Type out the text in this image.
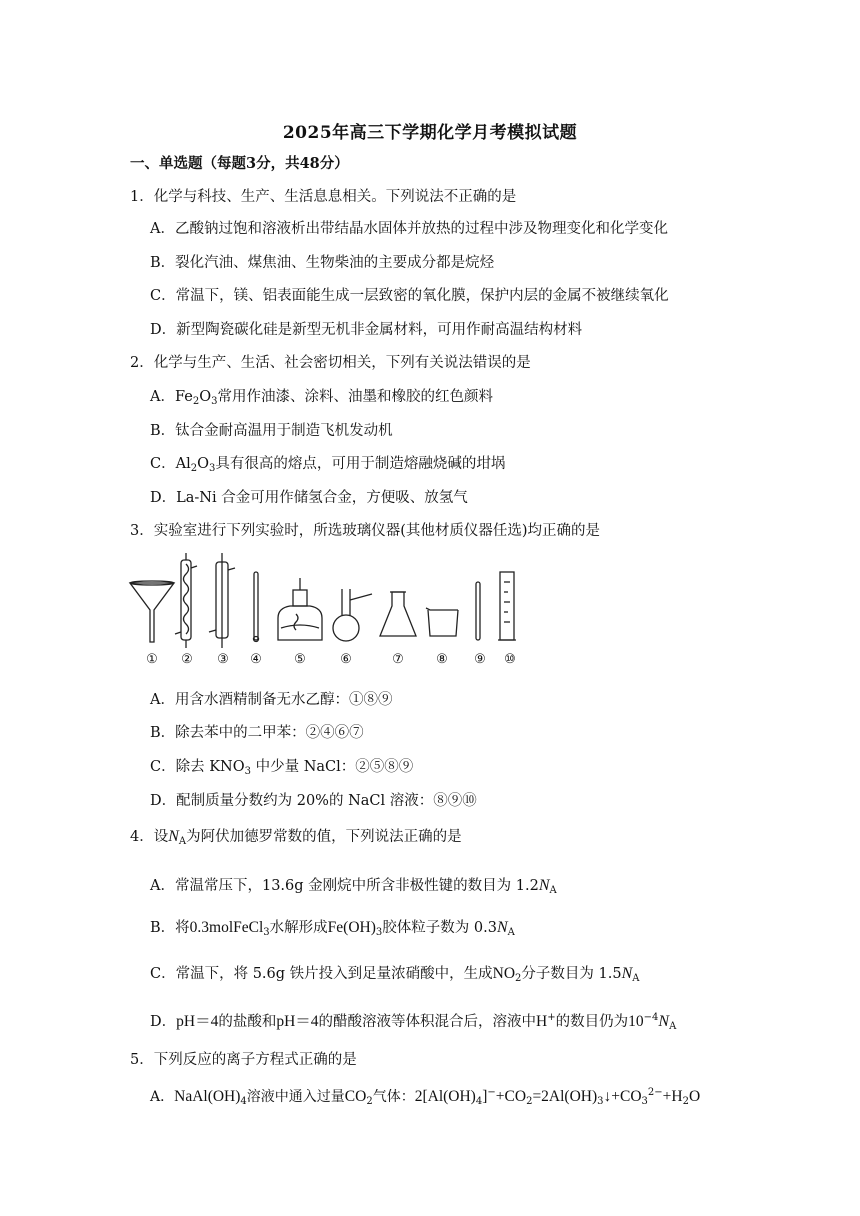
2025年高三下学期化学月考模拟试题
一、单选题（每题3分，共48分）
1．化学与科技、生产、生活息息相关。下列说法不正确的是
A．乙酸钠过饱和溶液析出带结晶水固体并放热的过程中涉及物理变化和化学变化
B．裂化汽油、煤焦油、生物柴油的主要成分都是烷烃
C．常温下，镁、铝表面能生成一层致密的氧化膜，保护内层的金属不被继续氧化
D．新型陶瓷碳化硅是新型无机非金属材料，可用作耐高温结构材料
2．化学与生产、生活、社会密切相关，下列有关说法错误的是
A．$Fe_2O_3$常用作油漆、涂料、油墨和橡胶的红色颜料
B．钛合金耐高温用于制造飞机发动机
C．$Al_2O_3$具有很高的熔点，可用于制造熔融烧碱的坩埚
D．La-Ni 合金可用作储氢合金，方便吸、放氢气
3．实验室进行下列实验时，所选玻璃仪器(其他材质仪器任选)均正确的是
①	②	③	④	⑤	⑥	⑦	⑧	⑨	⑩
A．用含水酒精制备无水乙醇：①⑧⑨
B．除去苯中的二甲苯：②④⑥⑦
C．除去 $KNO_3$ 中少量 NaCl：②⑤⑧⑨
D．配制质量分数约为 20%的 NaCl 溶液：⑧⑨⑩
4．设$N_A$为阿伏加德罗常数的值，下列说法正确的是
A．常温常压下，13.6g 金刚烷中所含非极性键的数目为 $1.2N_A$
B．将0.3molFeCl$_3$水解形成$Fe(OH)_3$胶体粒子数为 $0.3N_A$
C．常温下，将 5.6g 铁片投入到足量浓硝酸中，生成$NO_2$分子数目为 $1.5N_A$
D．pH＝4的盐酸和pH＝4的醋酸溶液等体积混合后，溶液中H+的数目仍为$10^{-4}N_A$
5．下列反应的离子方程式正确的是
A．$NaAl(OH)_4$溶液中通入过量$CO_2$气体：$2[Al(OH)_4]^-+CO_2=2Al(OH)_3↓+CO_3^{2-}+H_2O$
